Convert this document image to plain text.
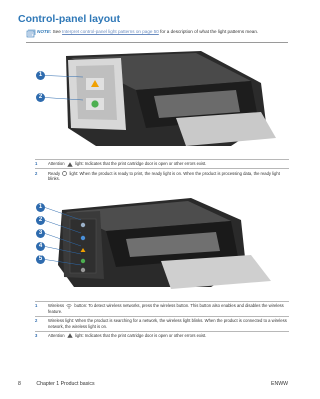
Control-panel layout
NOTE: See Interpret control-panel light patterns on page 50 for a description of what the light patterns mean.
1
2
1	Attention light: Indicates that the print cartridge door is open or other errors exist.
2	Ready light: When the product is ready to print, the ready light is on. When the product is processing data, the ready light blinks.
1
2
3
4
5
1	Wireless button: To detect wireless networks, press the wireless button. This button also enables and disables the wireless feature.
2	Wireless light: When the product is searching for a network, the wireless light blinks. When the product is connected to a wireless network, the wireless light is on.
3	Attention light: Indicates that the print cartridge door is open or other errors exist.
8	Chapter 1 Product basics	ENWW
